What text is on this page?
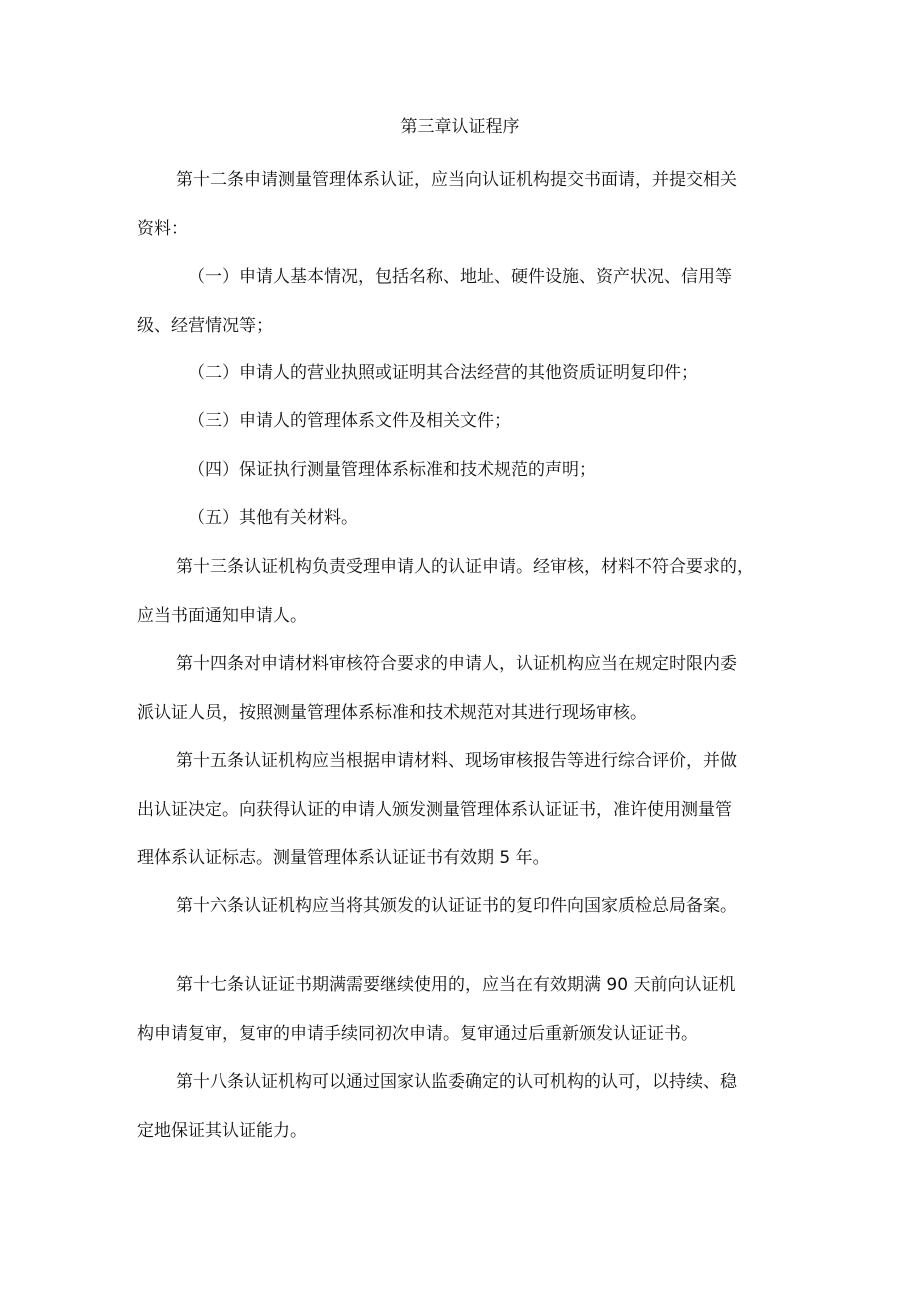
第三章认证程序
第十二条申请测量管理体系认证，应当向认证机构提交书面请，并提交相关
资料：
（一）申请人基本情况，包括名称、地址、硬件设施、资产状况、信用等
级、经营情况等；
（二）申请人的营业执照或证明其合法经营的其他资质证明复印件；
（三）申请人的管理体系文件及相关文件；
（四）保证执行测量管理体系标准和技术规范的声明；
（五）其他有关材料。
第十三条认证机构负责受理申请人的认证申请。经审核，材料不符合要求的，
应当书面通知申请人。
第十四条对申请材料审核符合要求的申请人，认证机构应当在规定时限内委
派认证人员，按照测量管理体系标准和技术规范对其进行现场审核。
第十五条认证机构应当根据申请材料、现场审核报告等进行综合评价，并做
出认证决定。向获得认证的申请人颁发测量管理体系认证证书，准许使用测量管
理体系认证标志。测量管理体系认证证书有效期 5 年。
第十六条认证机构应当将其颁发的认证证书的复印件向国家质检总局备案。
第十七条认证证书期满需要继续使用的，应当在有效期满 90 天前向认证机
构申请复审，复审的申请手续同初次申请。复审通过后重新颁发认证证书。
第十八条认证机构可以通过国家认监委确定的认可机构的认可，以持续、稳
定地保证其认证能力。
